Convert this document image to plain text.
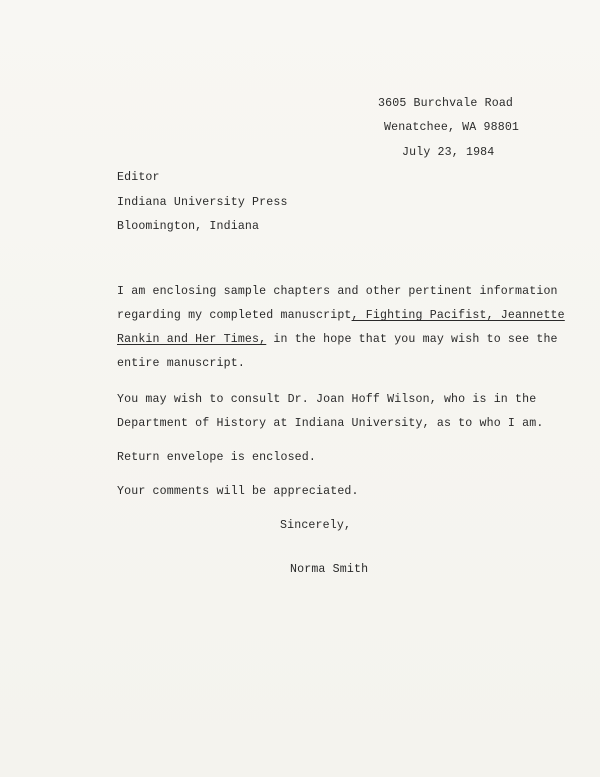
3605 Burchvale Road
Wenatchee, WA 98801
July 23, 1984
Editor
Indiana University Press
Bloomington, Indiana
I am enclosing sample chapters and other pertinent information
regarding my completed manuscript, Fighting Pacifist, Jeannette
Rankin and Her Times, in the hope that you may wish to see the
entire manuscript.
You may wish to consult Dr. Joan Hoff Wilson, who is in the
Department of History at Indiana University, as to who I am.
Return envelope is enclosed.
Your comments will be appreciated.
Sincerely,
Norma Smith
